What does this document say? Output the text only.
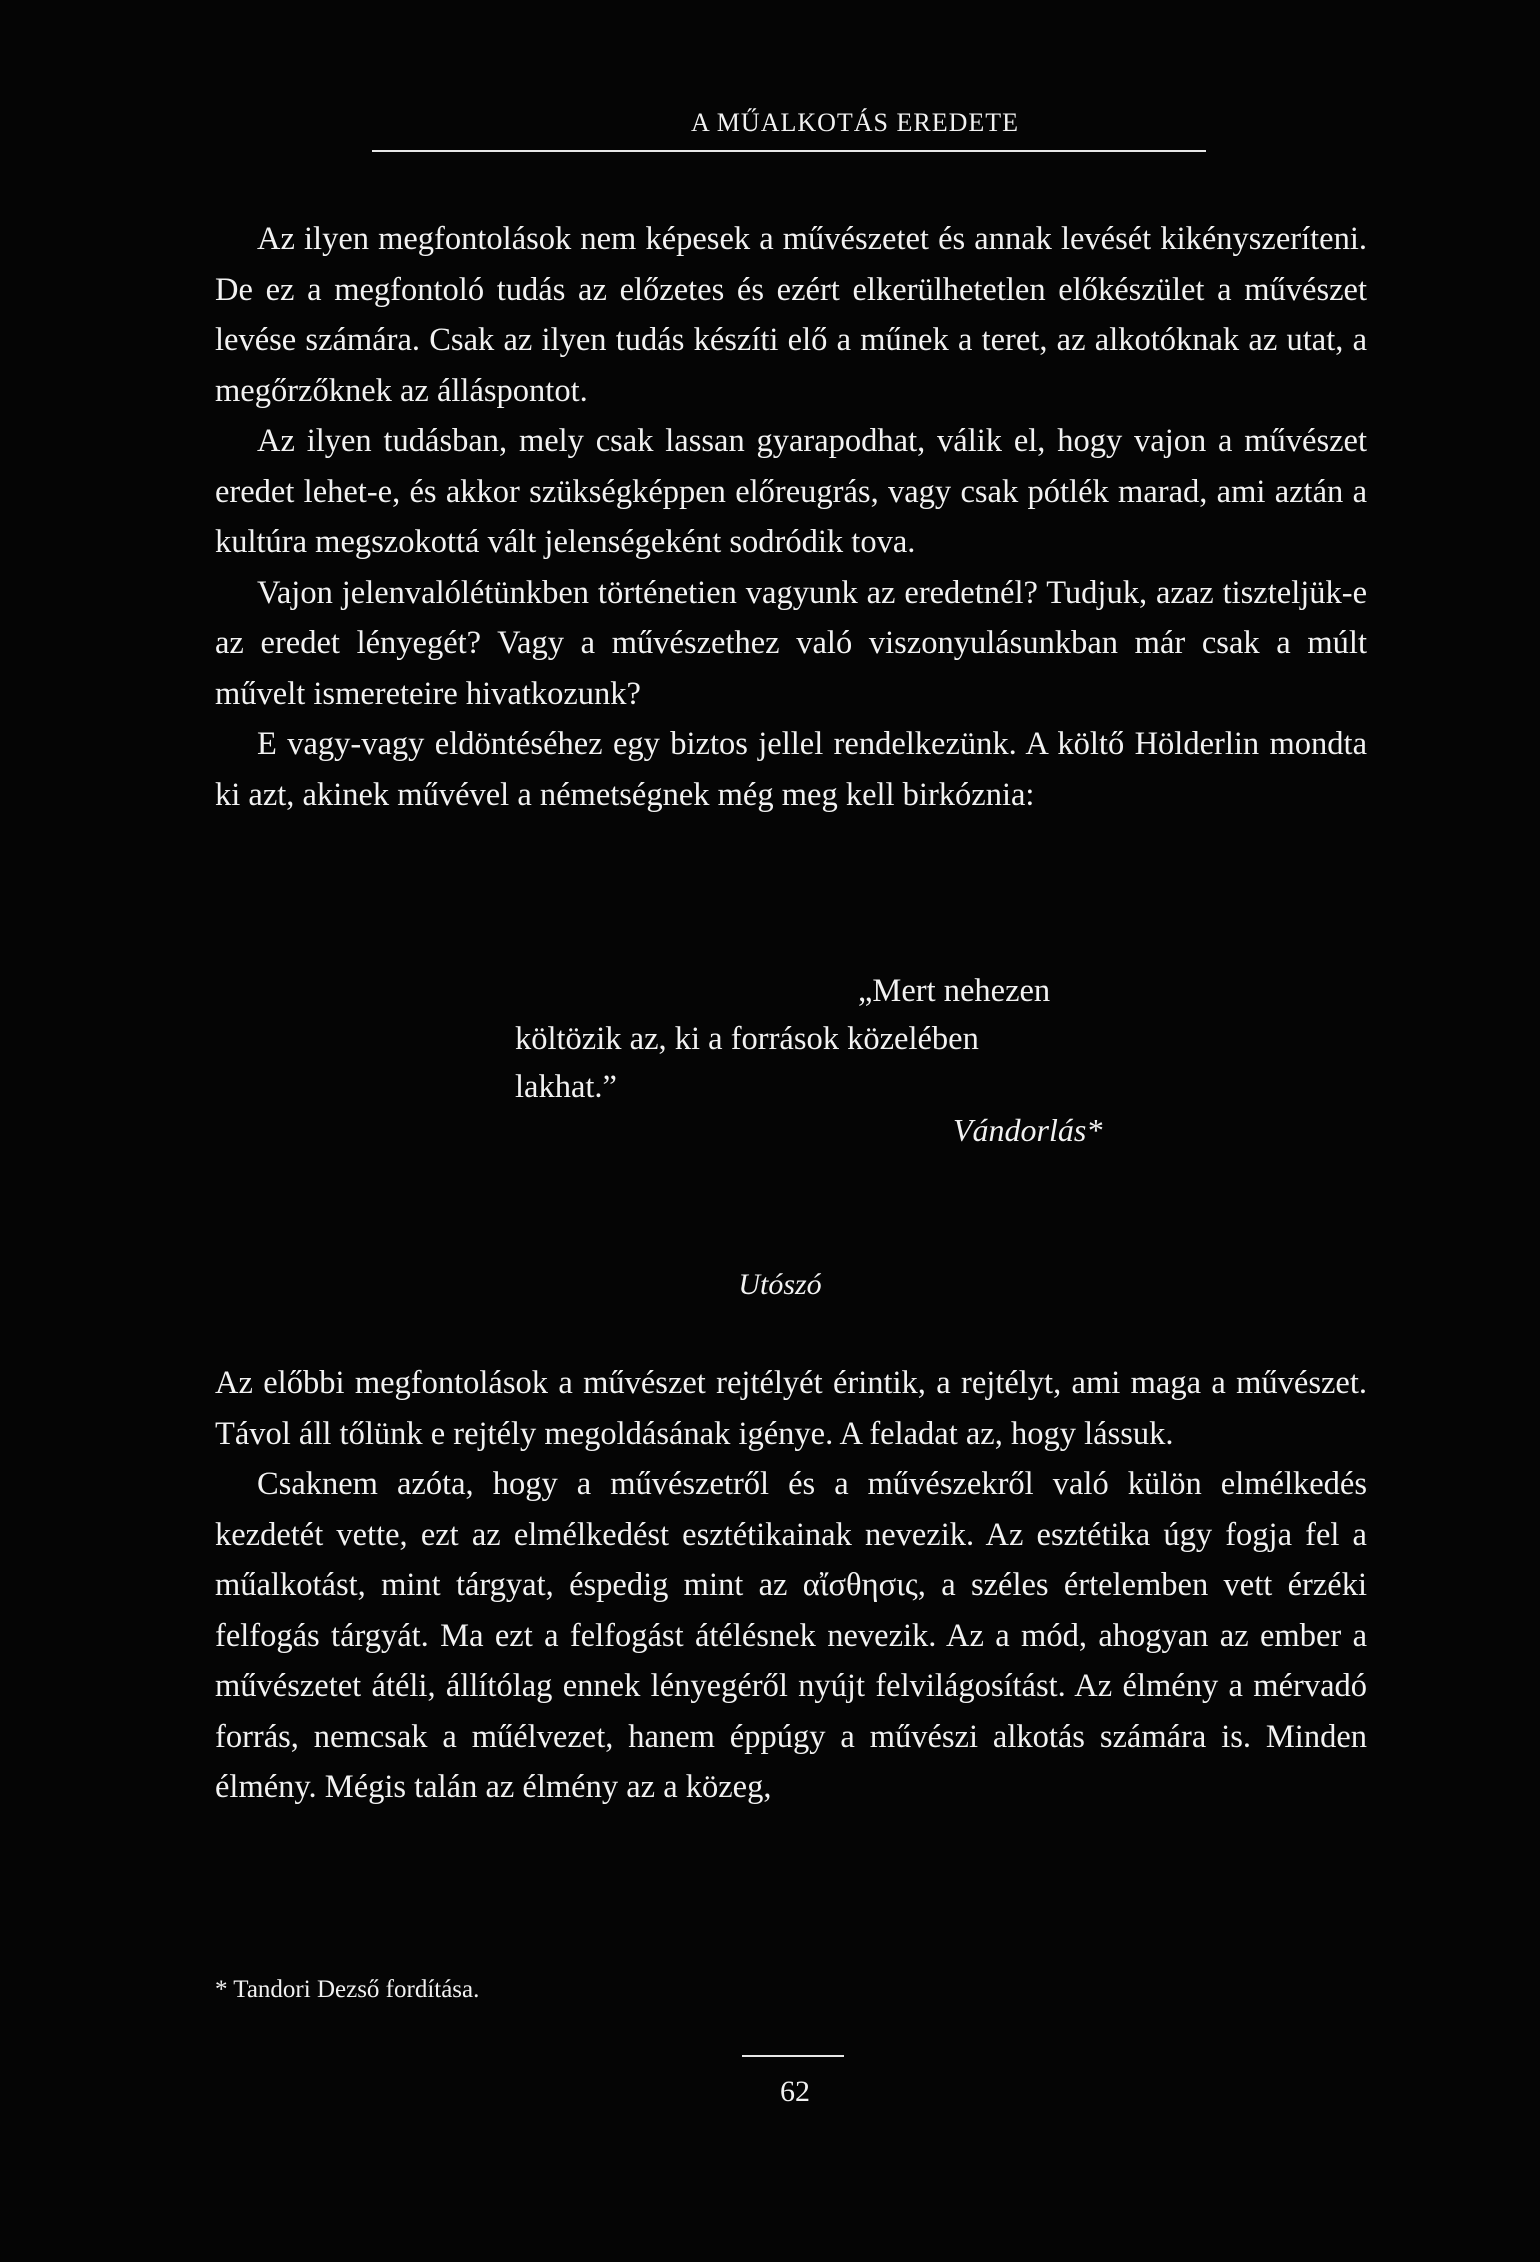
A MŰALKOTÁS EREDETE

Az ilyen megfontolások nem képesek a művészetet és annak levését kikényszeríteni. De ez a megfontoló tudás az előzetes és ezért elkerülhetetlen előkészület a művészet levése számára. Csak az ilyen tudás készíti elő a műnek a teret, az alkotóknak az utat, a megőrzőknek az álláspontot.

Az ilyen tudásban, mely csak lassan gyarapodhat, válik el, hogy vajon a művészet eredet lehet-e, és akkor szükségképpen előreugrás, vagy csak pótlék marad, ami aztán a kultúra megszokottá vált jelenségeként sodródik tova.

Vajon jelenvalólétünkben történetien vagyunk az eredetnél? Tudjuk, azaz tiszteljük-e az eredet lényegét? Vagy a művészethez való viszonyulásunkban már csak a múlt művelt ismereteire hivatkozunk?

E vagy-vagy eldöntéséhez egy biztos jellel rendelkezünk. A költő Hölderlin mondta ki azt, akinek művével a németségnek még meg kell birkóznia:

„Mert nehezen
költözik az, ki a források közelében
lakhat.”
Vándorlás*
Utószó

Az előbbi megfontolások a művészet rejtélyét érintik, a rejtélyt, ami maga a művészet. Távol áll tőlünk e rejtély megoldásának igénye. A feladat az, hogy lássuk.

Csaknem azóta, hogy a művészetről és a művészekről való külön elmélkedés kezdetét vette, ezt az elmélkedést esztétikainak nevezik. Az esztétika úgy fogja fel a műalkotást, mint tárgyat, éspedig mint az αἴσθησις, a széles értelemben vett érzéki felfogás tárgyát. Ma ezt a felfogást átélésnek nevezik. Az a mód, ahogyan az ember a művészetet átéli, állítólag ennek lényegéről nyújt felvilágosítást. Az élmény a mérvadó forrás, nemcsak a műélvezet, hanem éppúgy a művészi alkotás számára is. Minden élmény. Mégis talán az élmény az a közeg,

* Tandori Dezső fordítása.
62
